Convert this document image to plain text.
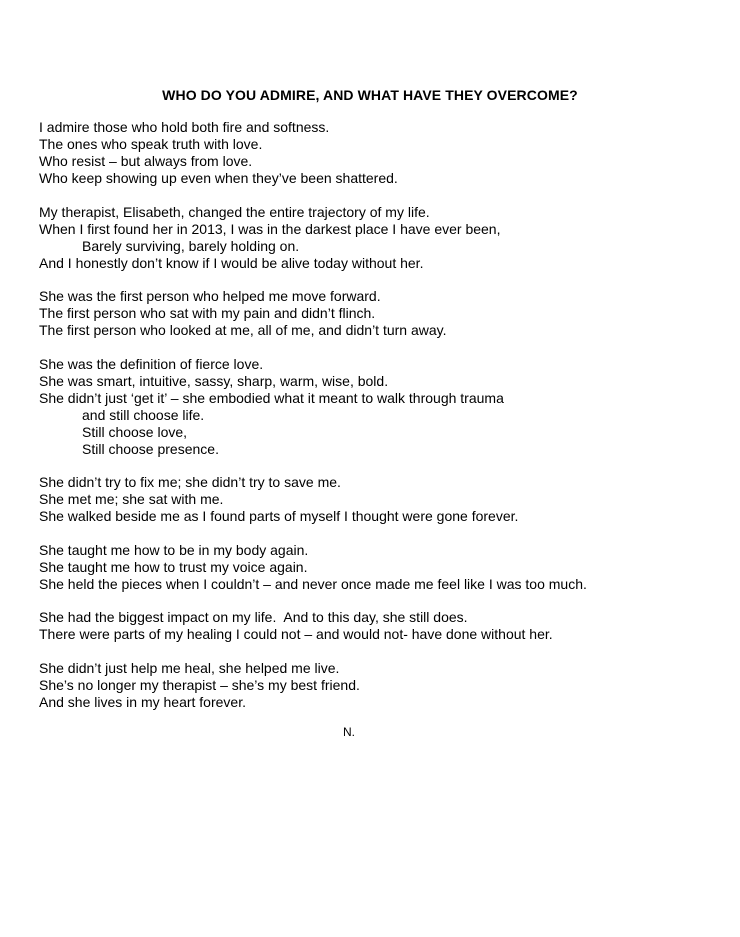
WHO DO YOU ADMIRE, AND WHAT HAVE THEY OVERCOME?
I admire those who hold both fire and softness.
The ones who speak truth with love.
Who resist – but always from love.
Who keep showing up even when they’ve been shattered.
My therapist, Elisabeth, changed the entire trajectory of my life.
When I first found her in 2013, I was in the darkest place I have ever been,
Barely surviving, barely holding on.
And I honestly don’t know if I would be alive today without her.
She was the first person who helped me move forward.
The first person who sat with my pain and didn’t flinch.
The first person who looked at me, all of me, and didn’t turn away.
She was the definition of fierce love.
She was smart, intuitive, sassy, sharp, warm, wise, bold.
She didn’t just ‘get it’ – she embodied what it meant to walk through trauma
and still choose life.
Still choose love,
Still choose presence.
She didn’t try to fix me; she didn’t try to save me.
She met me; she sat with me.
She walked beside me as I found parts of myself I thought were gone forever.
She taught me how to be in my body again.
She taught me how to trust my voice again.
She held the pieces when I couldn’t – and never once made me feel like I was too much.
She had the biggest impact on my life.  And to this day, she still does.
There were parts of my healing I could not – and would not- have done without her.
She didn’t just help me heal, she helped me live.
She’s no longer my therapist – she’s my best friend.
And she lives in my heart forever.
N.
